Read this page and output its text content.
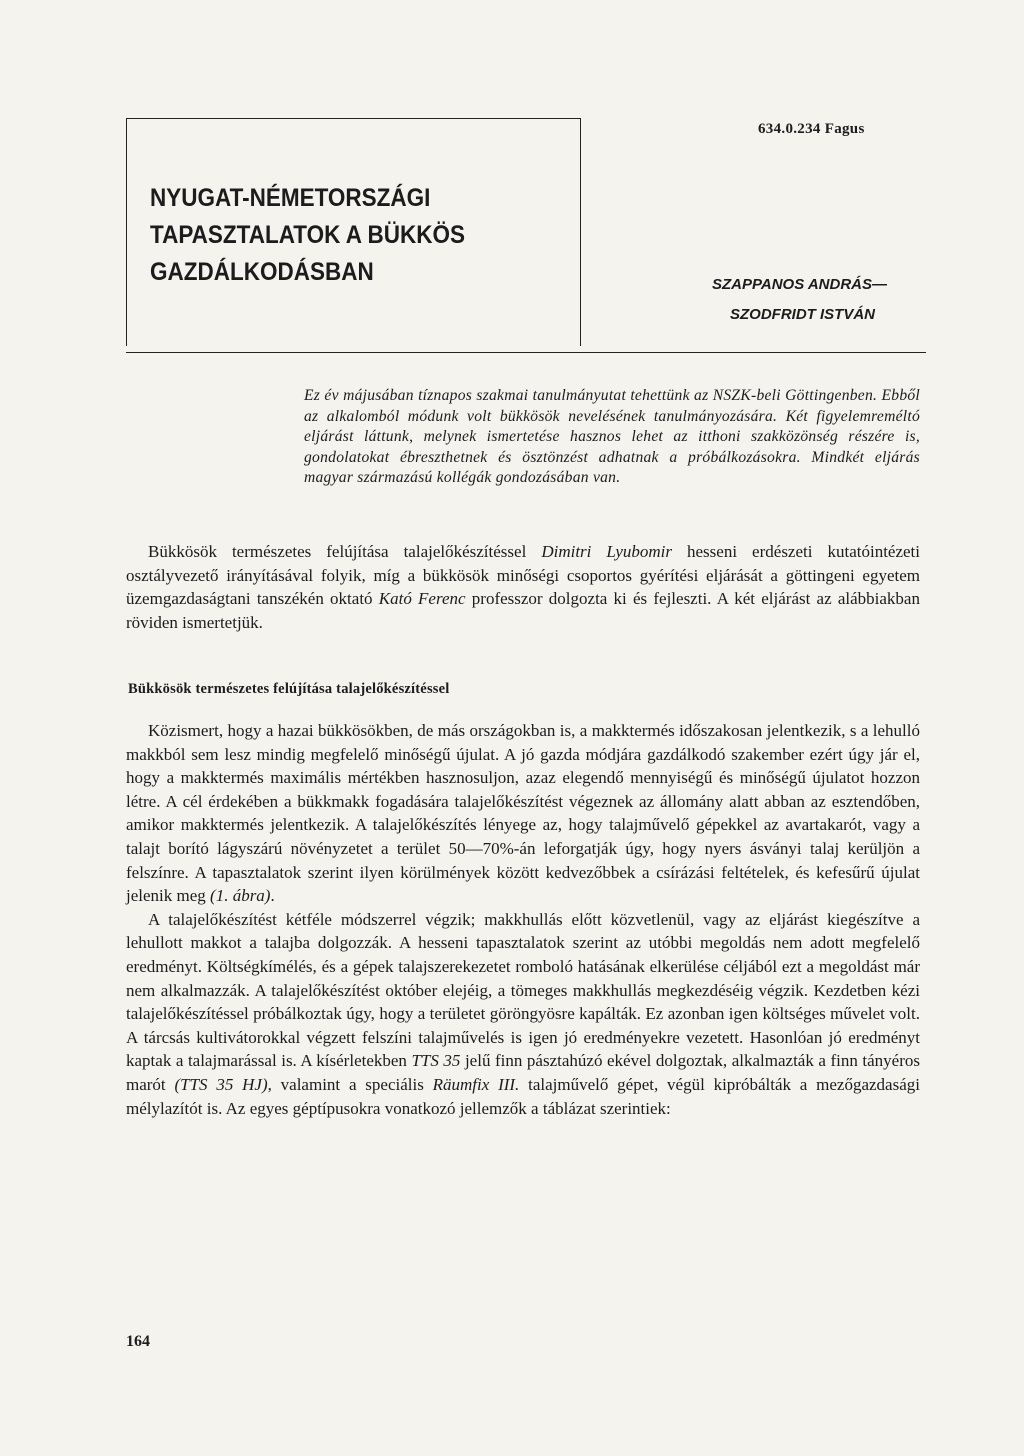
634.0.234 Fagus
NYUGAT-NÉMETORSZÁGI
TAPASZTALATOK A BÜKKÖS
GAZDÁLKODÁSBAN	SZAPPANOS ANDRÁS—
SZODFRIDT ISTVÁN

Ez év májusában tíznapos szakmai tanulmányutat tehettünk az NSZK-beli Göttingenben. Ebből az alkalomból módunk volt bükkösök nevelésének tanulmányozására. Két figyelemreméltó eljárást láttunk, melynek ismertetése hasznos lehet az itthoni szakközönség részére is, gondolatokat ébreszthetnek és ösztönzést adhatnak a próbálkozásokra. Mindkét eljárás magyar származású kollégák gondozásában van.

Bükkösök természetes felújítása talajelőkészítéssel Dimitri Lyubomir hesseni erdészeti kutatóintézeti osztályvezető irányításával folyik, míg a bükkösök minőségi csoportos gyérítési eljárását a göttingeni egyetem üzemgazdaságtani tanszékén oktató Kató Ferenc professzor dolgozta ki és fejleszti. A két eljárást az alábbiakban röviden ismertetjük.

Bükkösök természetes felújítása talajelőkészítéssel

Közismert, hogy a hazai bükkösökben, de más országokban is, a makktermés időszakosan jelentkezik, s a lehulló makkból sem lesz mindig megfelelő minőségű újulat. A jó gazda módjára gazdálkodó szakember ezért úgy jár el, hogy a makktermés maximális mértékben hasznosuljon, azaz elegendő mennyiségű és minőségű újulatot hozzon létre. A cél érdekében a bükkmakk fogadására talajelőkészítést végeznek az állomány alatt abban az esztendőben, amikor makktermés jelentkezik. A talajelőkészítés lényege az, hogy talajművelő gépekkel az avartakarót, vagy a talajt borító lágyszárú növényzetet a terület 50—70%-án leforgatják úgy, hogy nyers ásványi talaj kerüljön a felszínre. A tapasztalatok szerint ilyen körülmények között kedvezőbbek a csírázási feltételek, és kefesűrű újulat jelenik meg (1. ábra).

A talajelőkészítést kétféle módszerrel végzik; makkhullás előtt közvetlenül, vagy az eljárást kiegészítve a lehullott makkot a talajba dolgozzák. A hesseni tapasztalatok szerint az utóbbi megoldás nem adott megfelelő eredményt. Költségkímélés, és a gépek talajszerekezetet romboló hatásának elkerülése céljából ezt a megoldást már nem alkalmazzák. A talajelőkészítést október elejéig, a tömeges makkhullás megkezdéséig végzik. Kezdetben kézi talajelőkészítéssel próbálkoztak úgy, hogy a területet göröngyösre kapálták. Ez azonban igen költséges művelet volt. A tárcsás kultivátorokkal végzett felszíni talajművelés is igen jó eredményekre vezetett. Hasonlóan jó eredményt kaptak a talajmarással is. A kísérletekben TTS 35 jelű finn pásztahúzó ekével dolgoztak, alkalmazták a finn tányéros marót (TTS 35 HJ), valamint a speciális Räumfix III. talajművelő gépet, végül kipróbálták a mezőgazdasági mélylazítót is. Az egyes géptípusokra vonatkozó jellemzők a táblázat szerintiek:

164
